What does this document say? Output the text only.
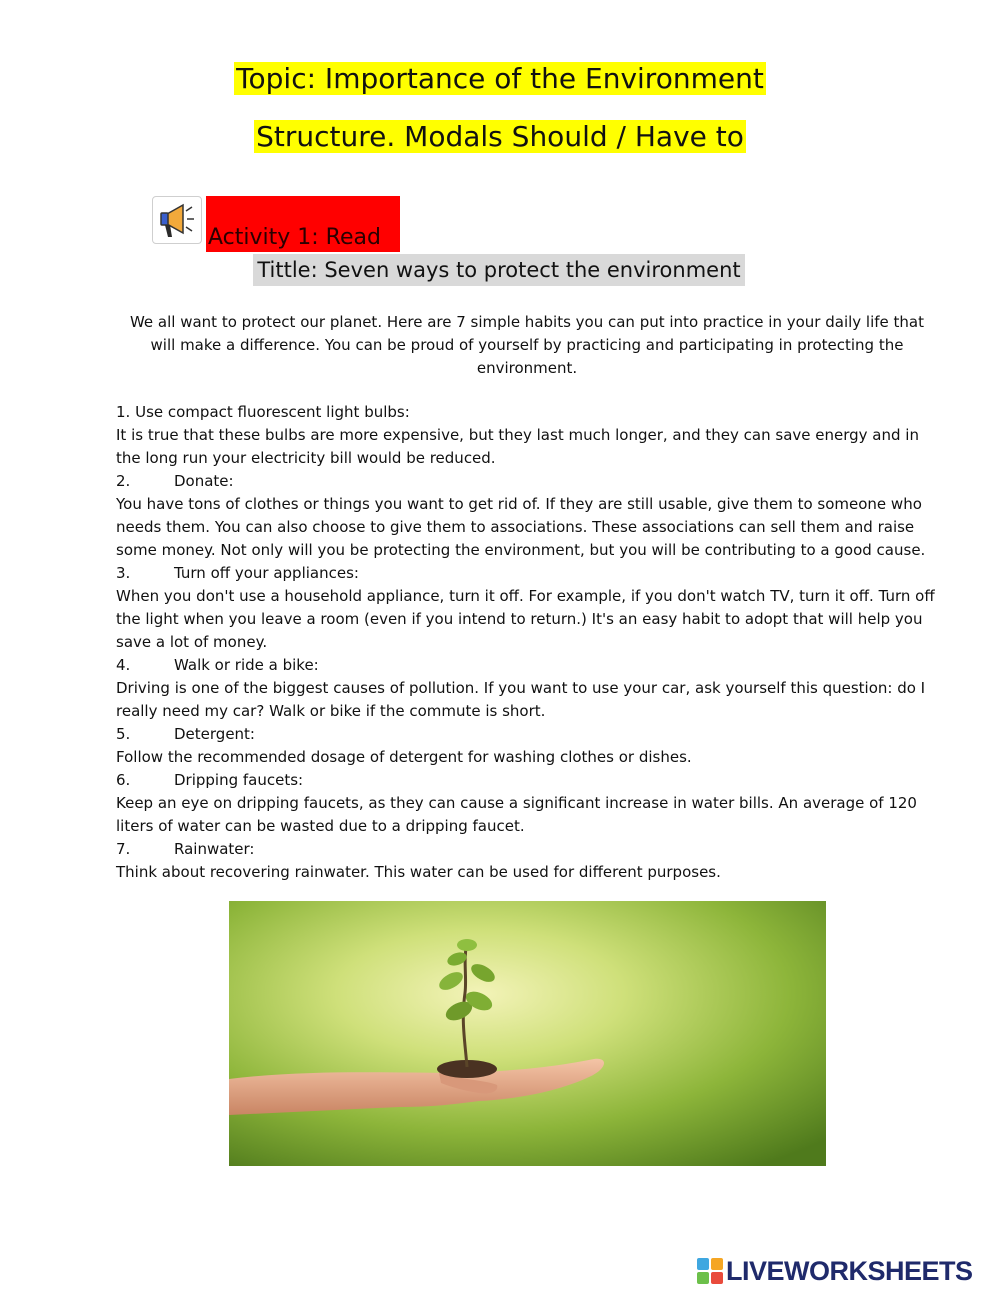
Topic: Importance of the Environment
Structure. Modals Should / Have to
Activity 1: Read
Tittle: Seven ways to protect the environment
We all want to protect our planet. Here are 7 simple habits you can put into practice in your daily life that will make a difference. You can be proud of yourself by practicing and participating in protecting the environment.

1. Use compact fluorescent light bulbs:

It is true that these bulbs are more expensive, but they last much longer, and they can save energy and in the long run your electricity bill would be reduced.

2.	Donate:

You have tons of clothes or things you want to get rid of. If they are still usable, give them to someone who needs them. You can also choose to give them to associations. These associations can sell them and raise some money. Not only will you be protecting the environment, but you will be contributing to a good cause.

3.	Turn off your appliances:

When you don't use a household appliance, turn it off. For example, if you don't watch TV, turn it off. Turn off the light when you leave a room (even if you intend to return.) It's an easy habit to adopt that will help you save a lot of money.

4.	Walk or ride a bike:

Driving is one of the biggest causes of pollution. If you want to use your car, ask yourself this question: do I really need my car? Walk or bike if the commute is short.

5.	Detergent:

Follow the recommended dosage of detergent for washing clothes or dishes.

6.	Dripping faucets:

Keep an eye on dripping faucets, as they can cause a significant increase in water bills. An average of 120 liters of water can be wasted due to a dripping faucet.

7.	Rainwater:

Think about recovering rainwater. This water can be used for different purposes.

LIVEWORKSHEETS
